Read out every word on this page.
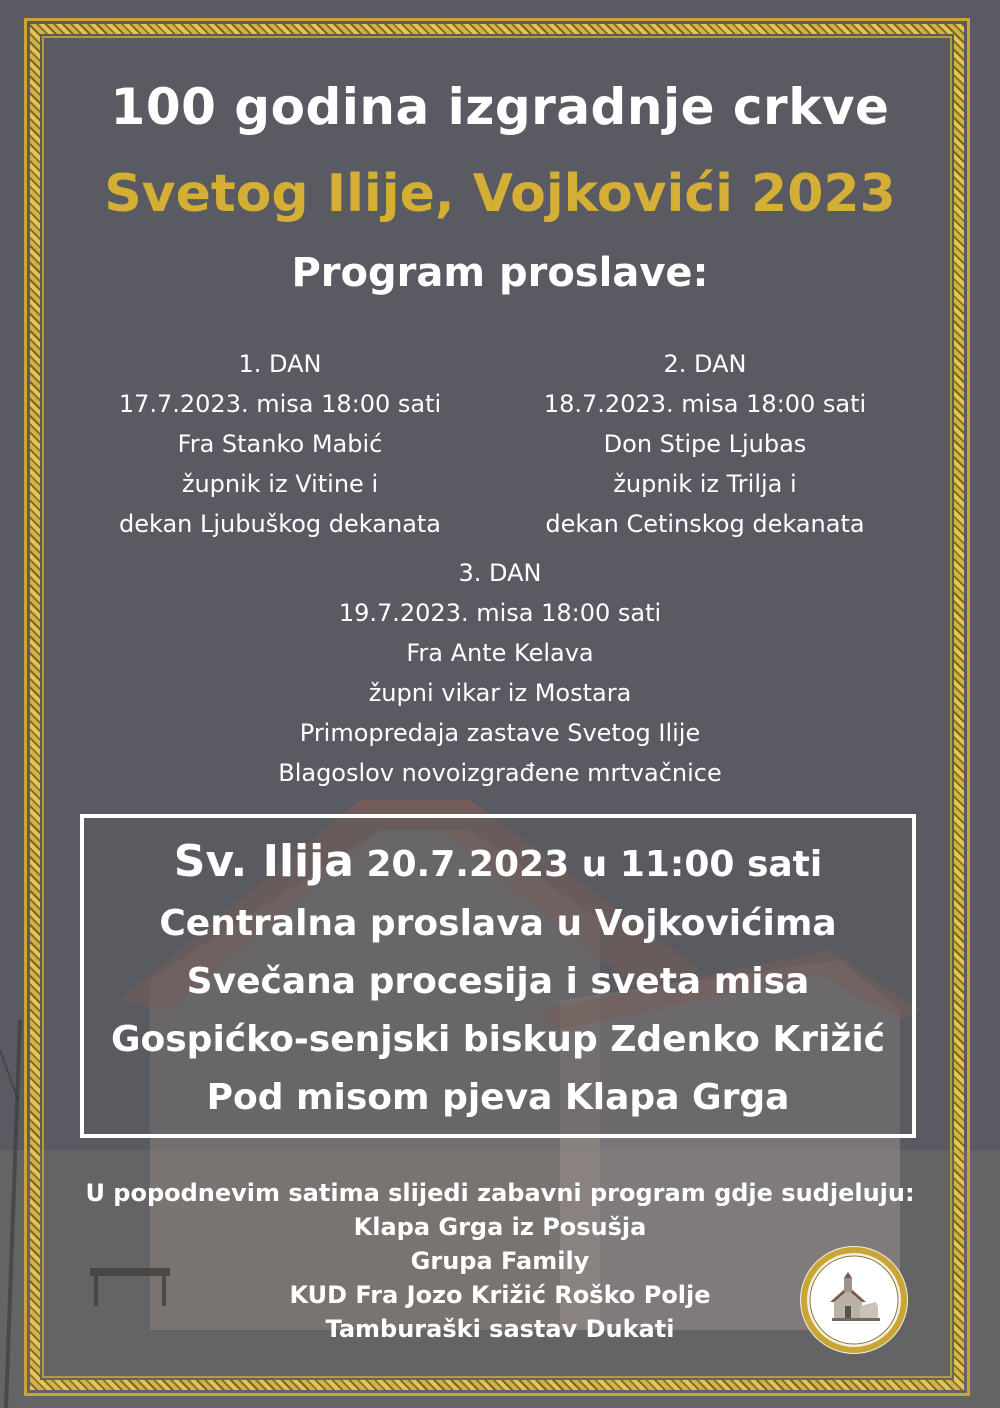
100 godina izgradnje crkve
Svetog Ilije, Vojkovići 2023
Program proslave:
1. DAN
17.7.2023. misa 18:00 sati
Fra Stanko Mabić
župnik iz Vitine i
dekan Ljubuškog dekanata
2. DAN
18.7.2023. misa 18:00 sati
Don Stipe Ljubas
župnik iz Trilja i
dekan Cetinskog dekanata
3. DAN
19.7.2023. misa 18:00 sati
Fra Ante Kelava
župni vikar iz Mostara
Primopredaja zastave Svetog Ilije
Blagoslov novoizgrađene mrtvačnice
Sv. Ilija 20.7.2023 u 11:00 sati
Centralna proslava u Vojkovićima
Svečana procesija i sveta misa
Gospićko-senjski biskup Zdenko Križić
Pod misom pjeva Klapa Grga
U popodnevim satima slijedi zabavni program gdje sudjeluju:
Klapa Grga iz Posušja
Grupa Family
KUD Fra Jozo Križić Roško Polje
Tamburaški sastav Dukati
